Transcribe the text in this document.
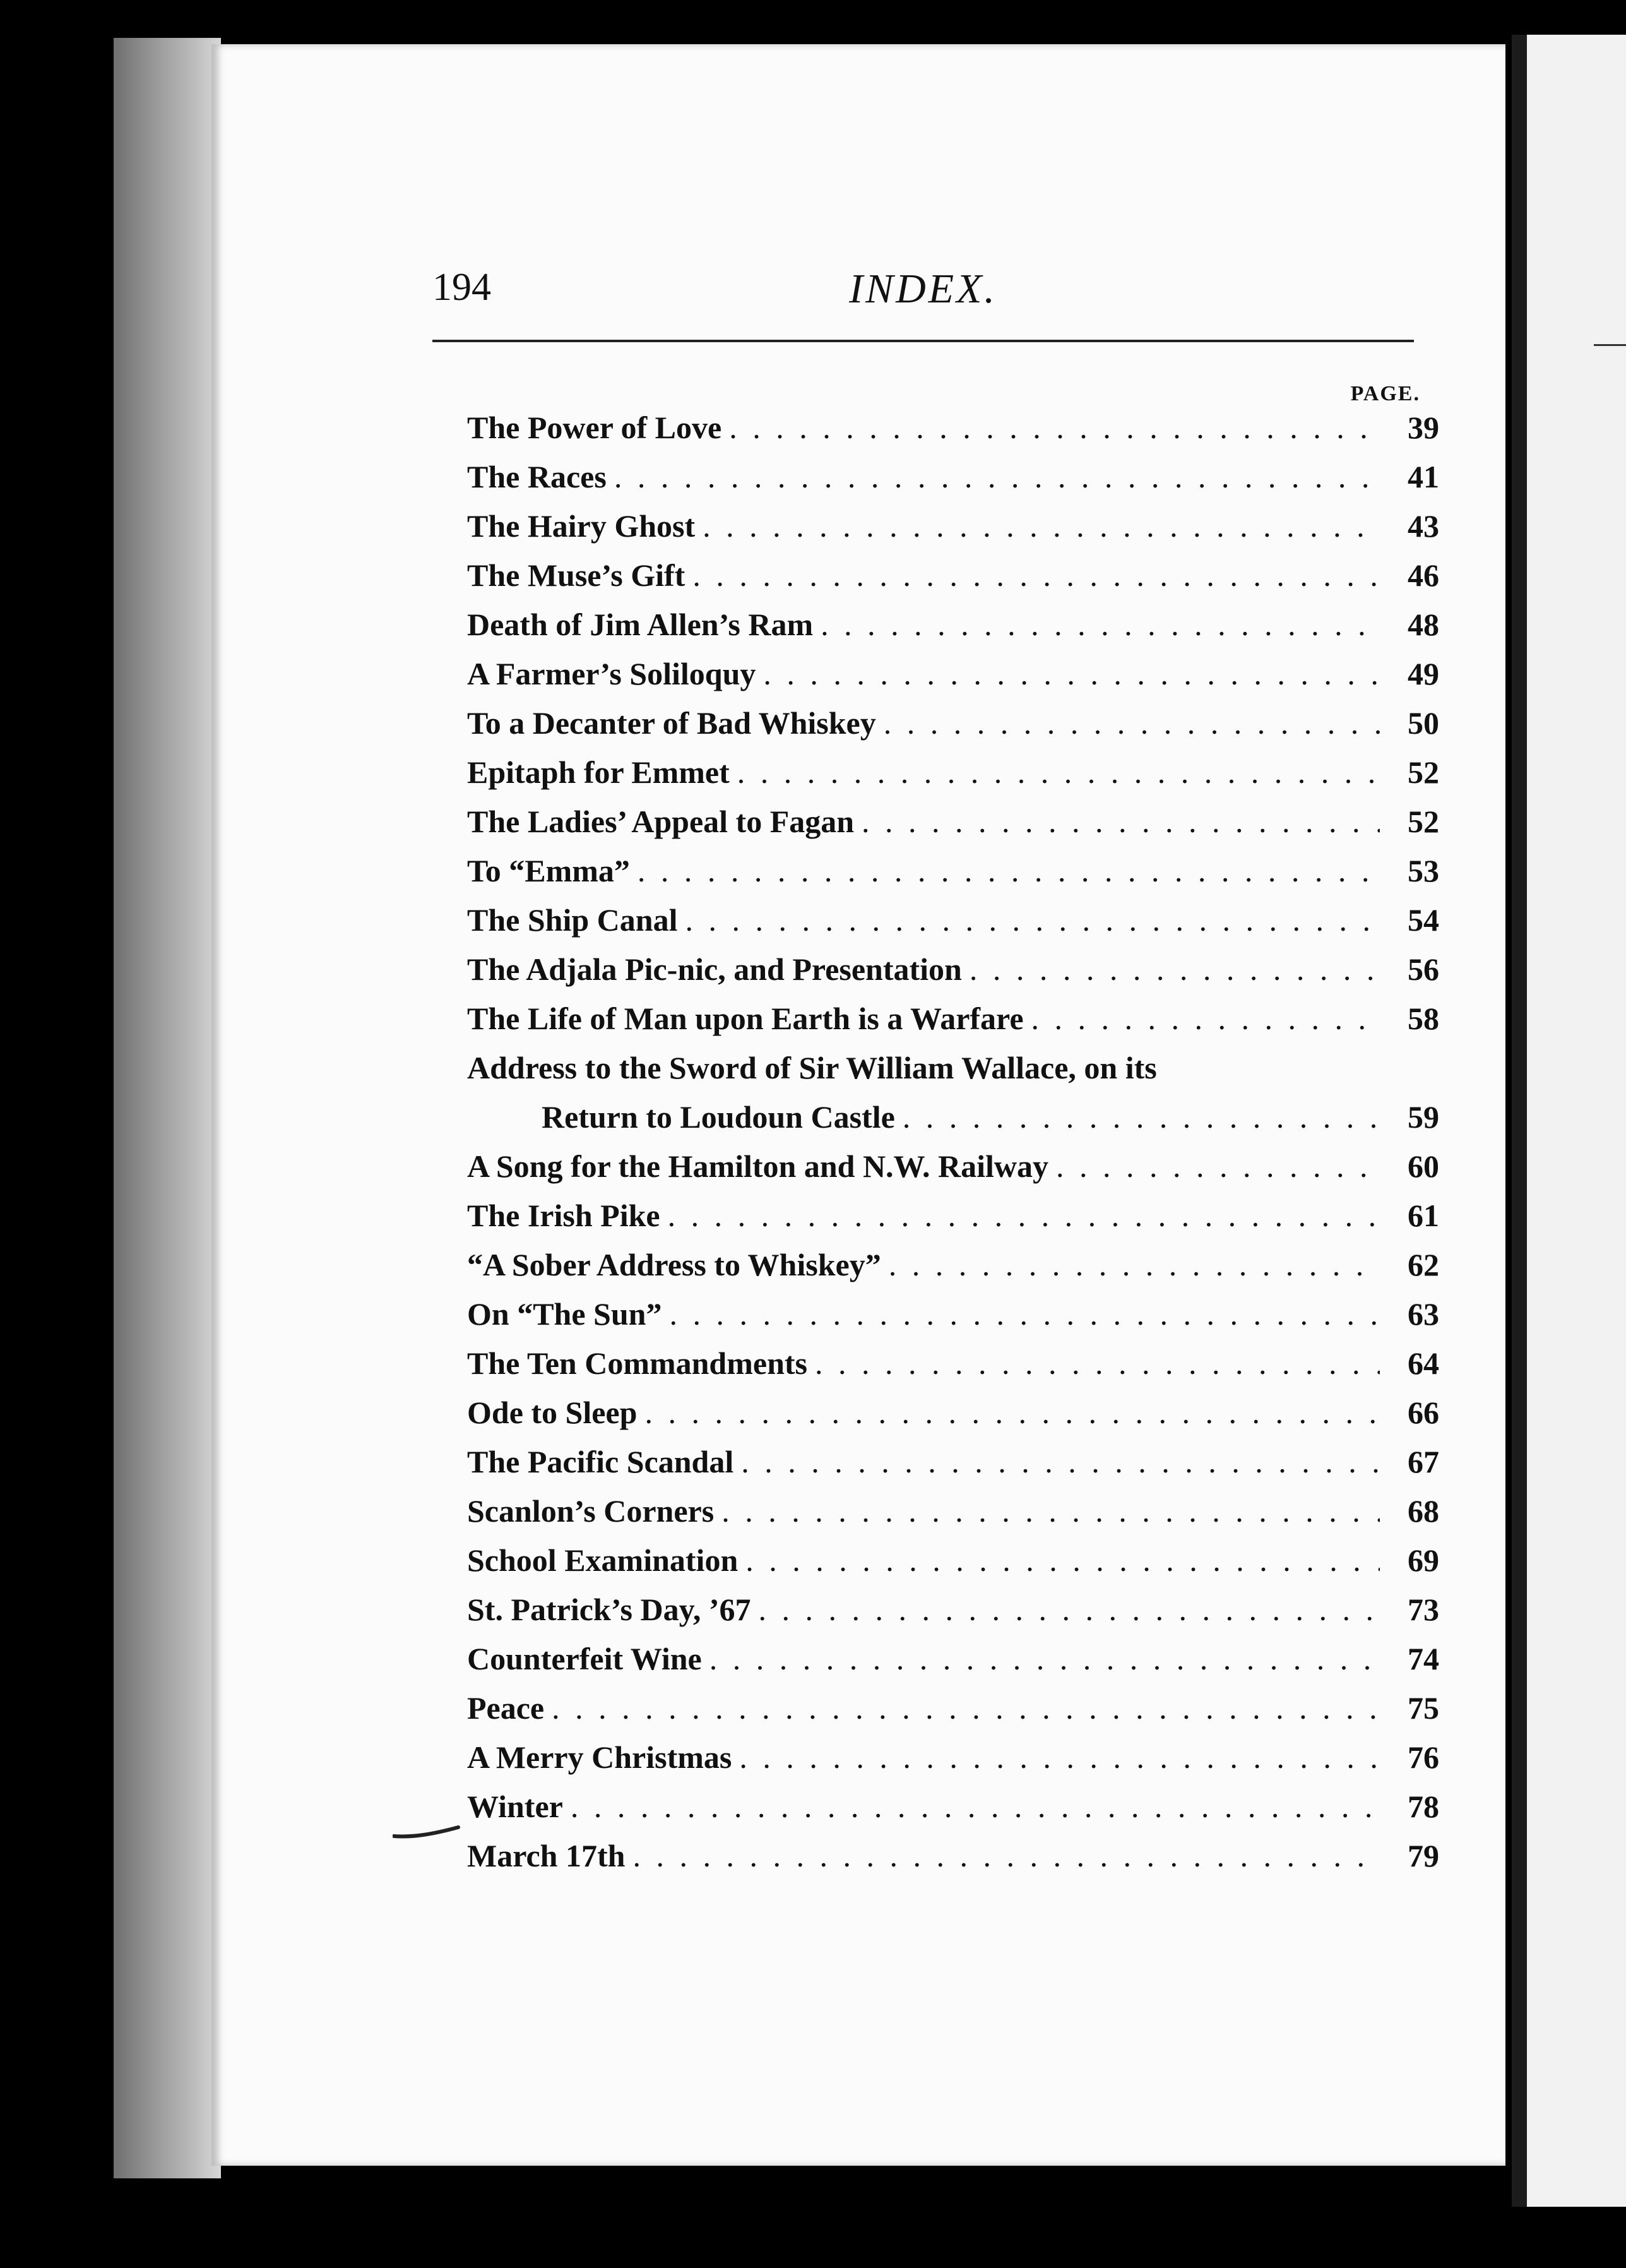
194	INDEX.
PAGE.
The Power of Love . . .	39
The Races . . .	41
The Hairy Ghost . . .	43
The Muse’s Gift . . .	46
Death of Jim Allen’s Ram . . .	48
A Farmer’s Soliloquy . . .	49
To a Decanter of Bad Whiskey . . .	50
Epitaph for Emmet . . .	52
The Ladies’ Appeal to Fagan . . .	52
To “Emma” . . .	53
The Ship Canal . . .	54
The Adjala Pic-nic, and Presentation . . .	56
The Life of Man upon Earth is a Warfare . . .	58
Address to the Sword of Sir William Wallace, on its
Return to Loudoun Castle . . .	59
A Song for the Hamilton and N.W. Railway . . .	60
The Irish Pike . . .	61
“A Sober Address to Whiskey” . . .	62
On “The Sun” . . .	63
The Ten Commandments . . .	64
Ode to Sleep . . .	66
The Pacific Scandal . . .	67
Scanlon’s Corners . . .	68
School Examination . . .	69
St. Patrick’s Day, ’67 . . .	73
Counterfeit Wine . . .	74
Peace . . .	75
A Merry Christmas . . .	76
Winter . . .	78
March 17th . . .	79
